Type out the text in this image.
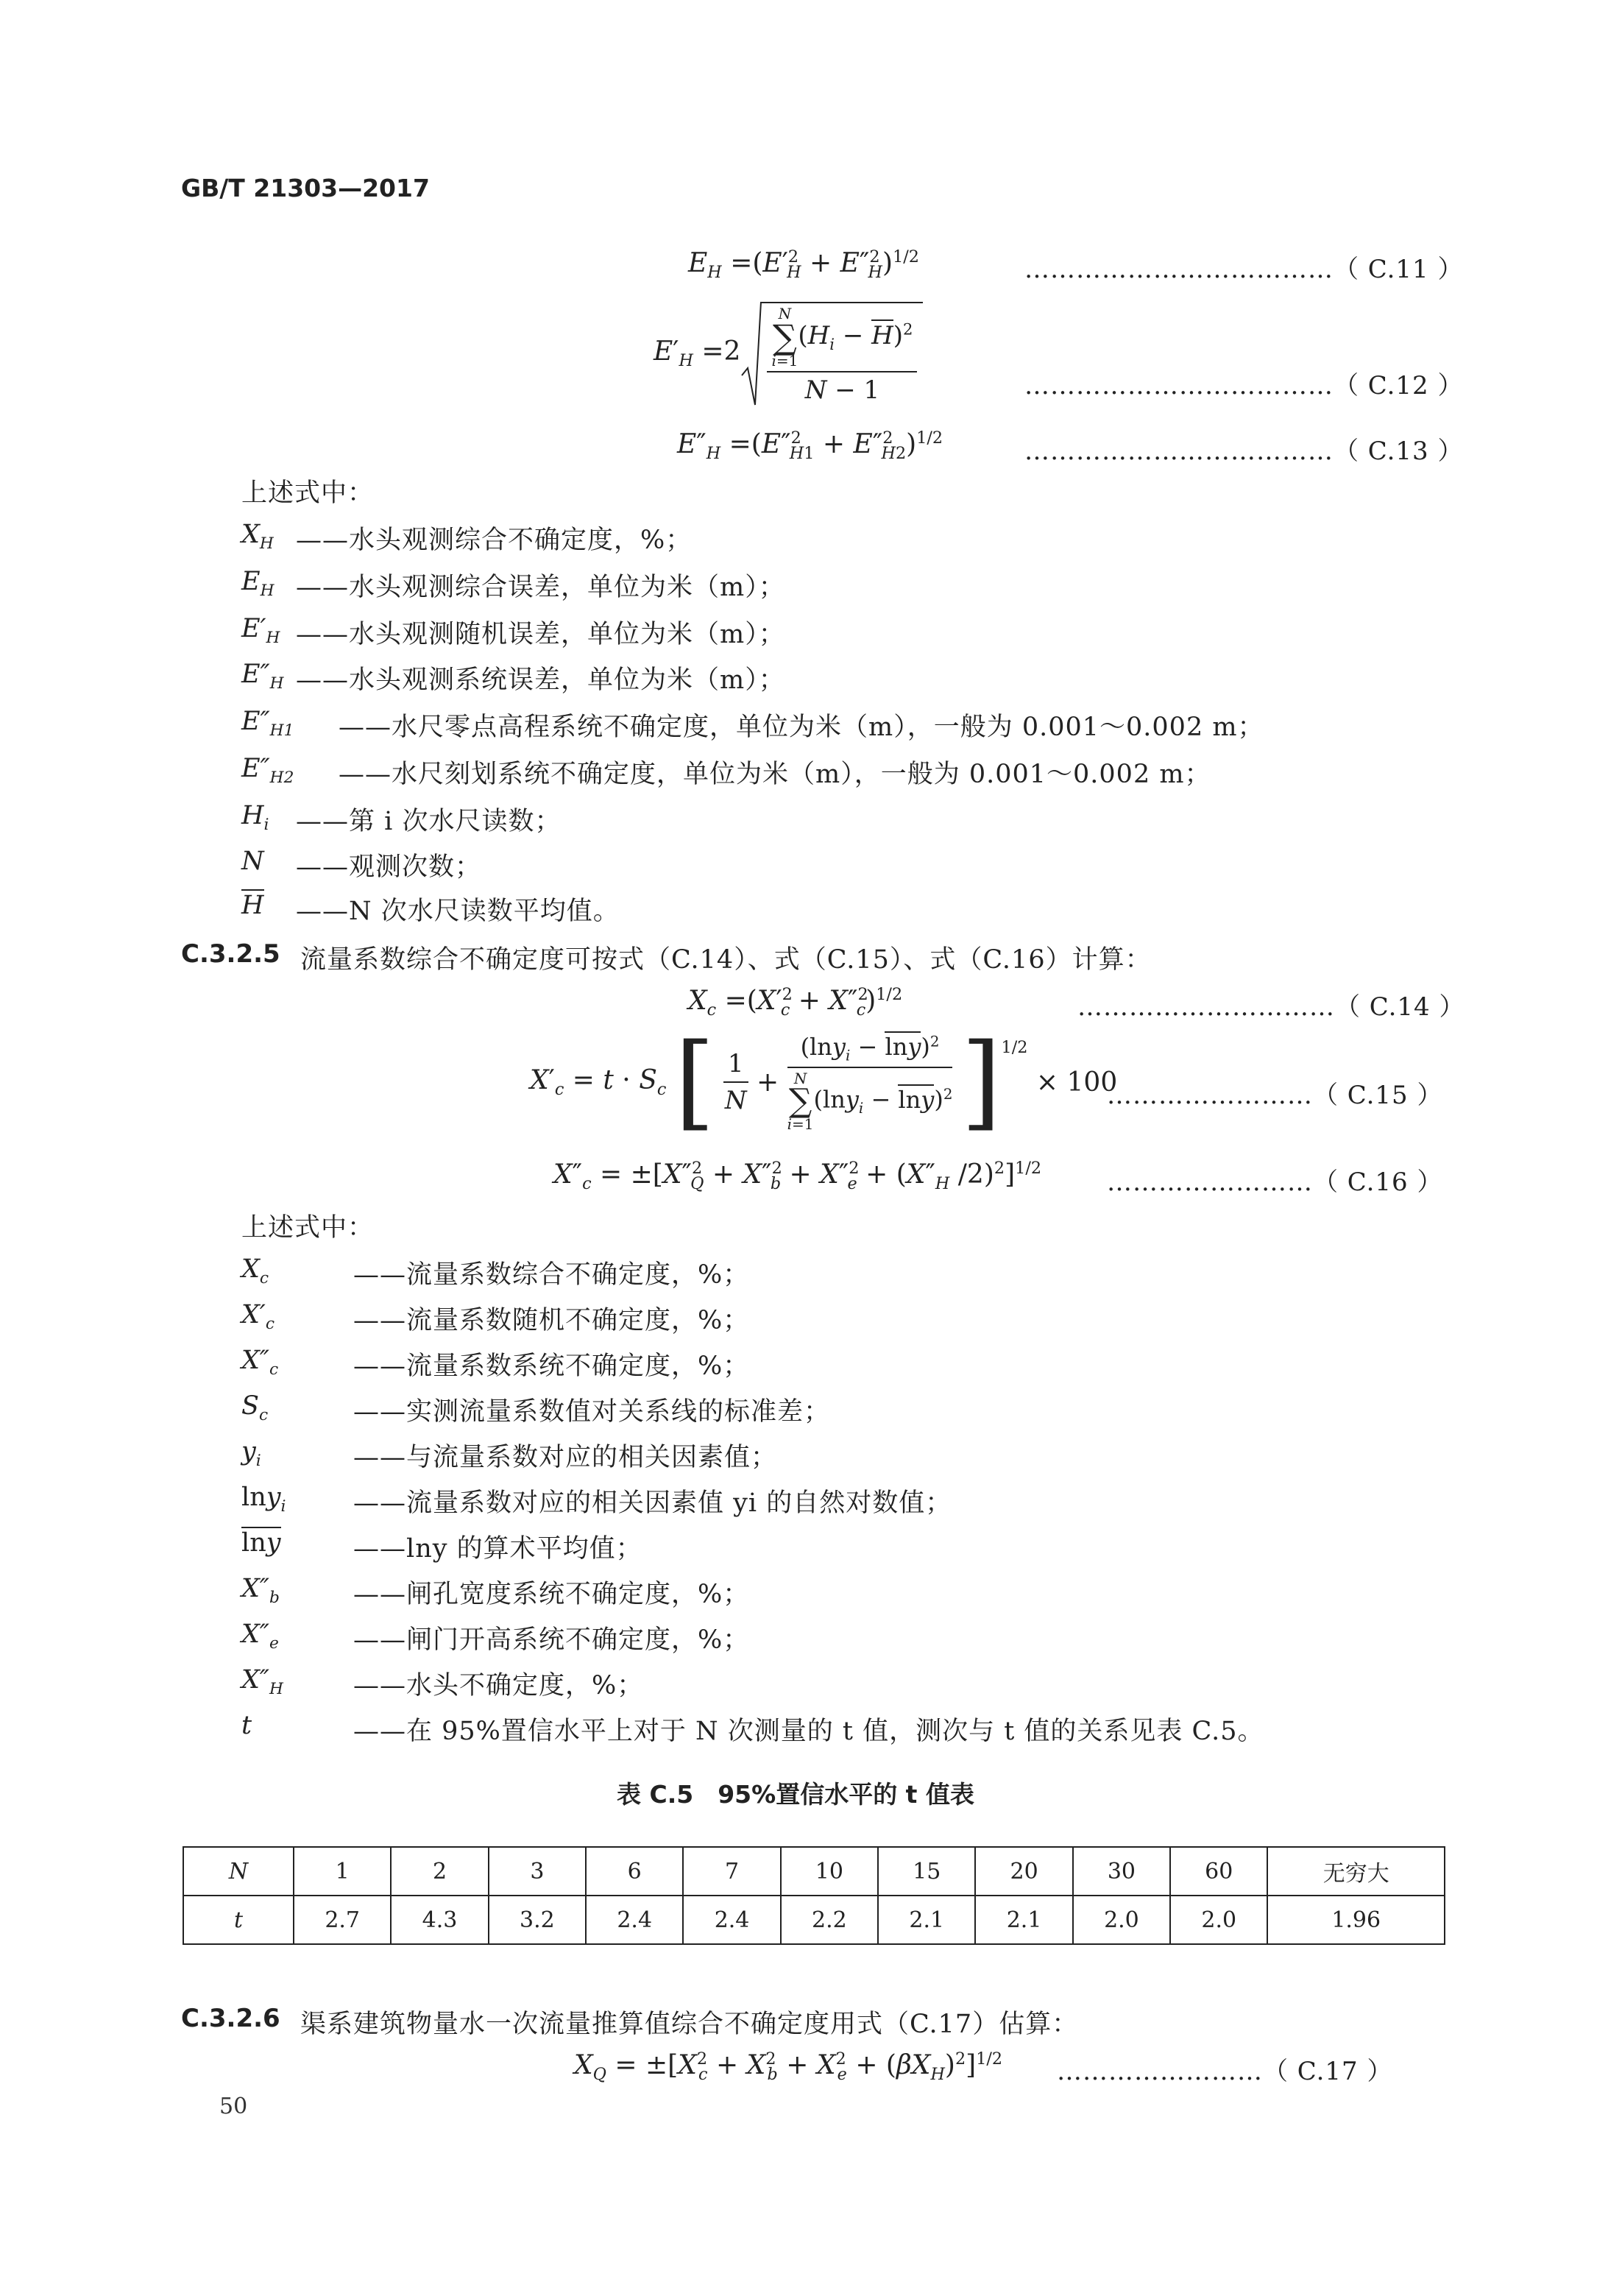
GB/T 21303—2017
$E_H =(E'^2_H + E''^2_H)^{1/2}$	………………………………（ C.11 ）
$E'_H =2$
N
∑
$i=1(H_i - H)^2$
N − 1	………………………………（ C.12 ）
$E''_H =(E''^2_{H1} + E''^2_{H2})^{1/2}$	………………………………（ C.13 ）
上述式中：
$X_H$ ——水头观测综合不确定度，%；
$E_H$ ——水头观测综合误差，单位为米（m）；
$E'_H$ ——水头观测随机误差，单位为米（m）；
$E''_H$ ——水头观测系统误差，单位为米（m）；
$E''_{H1}$ ——水尺零点高程系统不确定度，单位为米（m），一般为 0.001～0.002 m；
$E''_{H2}$ ——水尺刻划系统不确定度，单位为米（m），一般为 0.001～0.002 m；
$H_i$ ——第 i 次水尺读数；
N ——观测次数；
H ——N 次水尺读数平均值。
C.3.2.5 流量系数综合不确定度可按式（C.14）、式（C.15）、式（C.16）计算：
$X_c =(X'^2_c + X''^2_c)^{1/2}$	…………………………（ C.14 ）
$X'_c = t \cdot S_c$ [ $\frac{1}{N}$ +
$(\ln y_i - \ln y)^2$
N
∑
$i=1(\ln y_i - \ln y)^2$ ]$^{1/2}$ × 100
……………………（ C.15 ）
$X''_c = \pm[X''^2_Q + X''^2_b + X''^2_e + (X''_H$ /2)$^2$]$^{1/2}$	……………………（ C.16 ）
上述式中：
$X_c$	——流量系数综合不确定度，%；
$X'_c$	——流量系数随机不确定度，%；
$X''_c$	——流量系数系统不确定度，%；
$S_c$	——实测流量系数值对关系线的标准差；
$y_i$	——与流量系数对应的相关因素值；
lny$_i$	——流量系数对应的相关因素值 yi 的自然对数值；
lny	——lny 的算术平均值；
$X''_b$	——闸孔宽度系统不确定度，%；
$X''_e$	——闸门开高系统不确定度，%；
$X''_H$	——水头不确定度，%；
t	——在 95%置信水平上对于 N 次测量的 t 值，测次与 t 值的关系见表 C.5。
表 C.5　95%置信水平的 t 值表
N	1	2	3	6	7	10	15	20	30	60	无穷大
t	2.7	4.3	3.2	2.4	2.4	2.2	2.1	2.1	2.0	2.0	1.96
C.3.2.6 渠系建筑物量水一次流量推算值综合不确定度用式（C.17）估算：
$X_Q = \pm[X^2_c + X^2_b + X^2_e + (\beta X_H)^2]^{1/2}$ ……………………（ C.17 ）
50
